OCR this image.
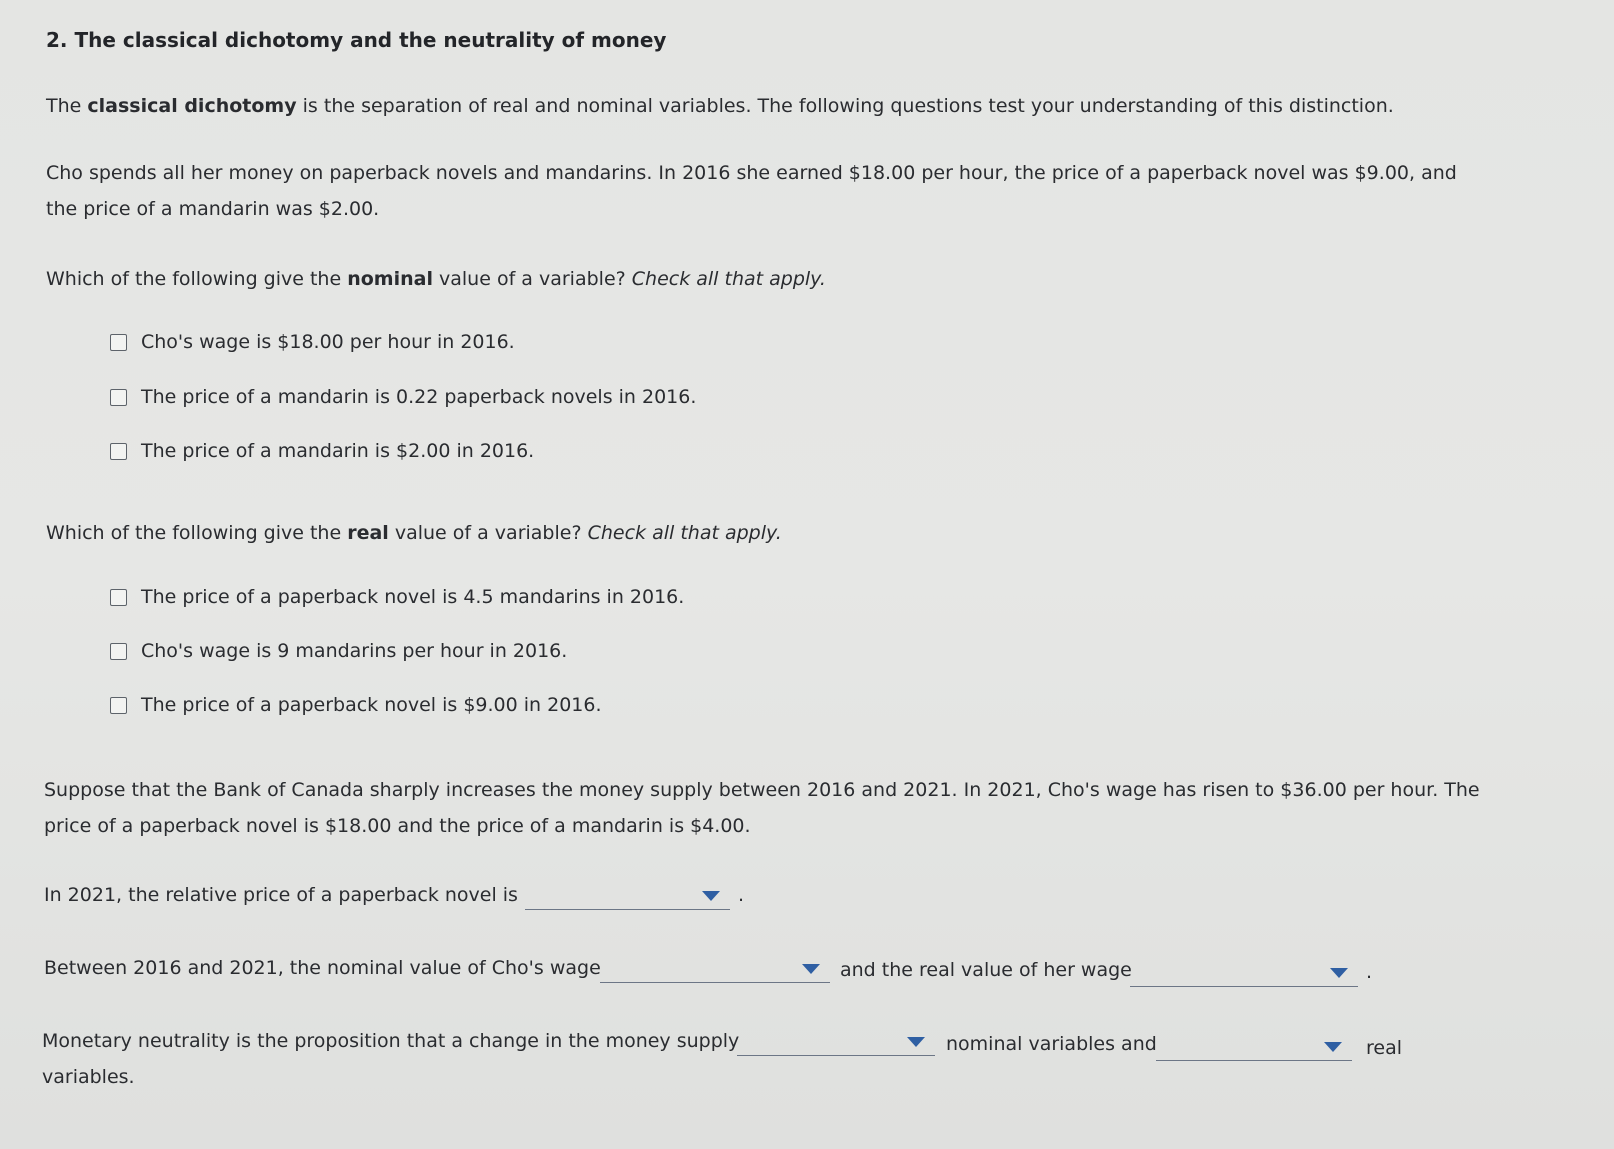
2. The classical dichotomy and the neutrality of money
The classical dichotomy is the separation of real and nominal variables. The following questions test your understanding of this distinction.
Cho spends all her money on paperback novels and mandarins. In 2016 she earned $18.00 per hour, the price of a paperback novel was $9.00, and
the price of a mandarin was $2.00.
Which of the following give the nominal value of a variable? Check all that apply.
Cho's wage is $18.00 per hour in 2016.
The price of a mandarin is 0.22 paperback novels in 2016.
The price of a mandarin is $2.00 in 2016.
Which of the following give the real value of a variable? Check all that apply.
The price of a paperback novel is 4.5 mandarins in 2016.
Cho's wage is 9 mandarins per hour in 2016.
The price of a paperback novel is $9.00 in 2016.
Suppose that the Bank of Canada sharply increases the money supply between 2016 and 2021. In 2021, Cho's wage has risen to $36.00 per hour. The
price of a paperback novel is $18.00 and the price of a mandarin is $4.00.
In 2021, the relative price of a paperback novel is	.
Between 2016 and 2021, the nominal value of Cho's wage	and the real value of her wage	.
Monetary neutrality is the proposition that a change in the money supply	nominal variables and	real
variables.
